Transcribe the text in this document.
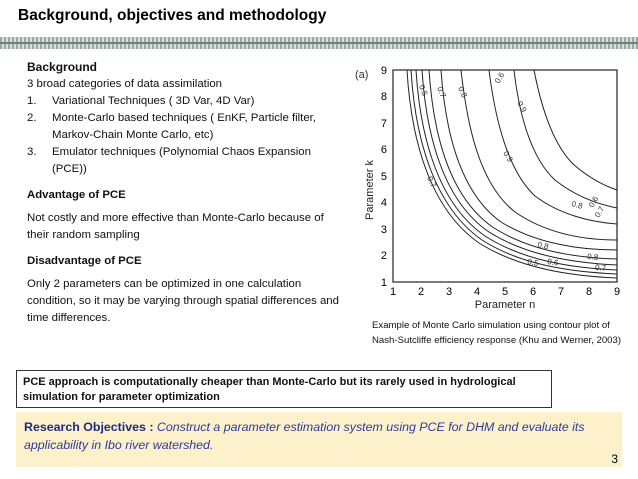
Background, objectives and methodology
Background
3 broad categories of data assimilation
1. Variational Techniques ( 3D Var, 4D Var)
2. Monte-Carlo based techniques ( EnKF, Particle filter, Markov-Chain Monte Carlo, etc)
3. Emulator techniques (Polynomial Chaos Expansion (PCE))
Advantage of PCE
Not costly and more effective than Monte-Carlo because of their random sampling
Disadvantage of PCE
Only 2 parameters can be optimized in one calculation condition, so it may be varying through spatial differences and time differences.
(a)
Parameter k
Parameter n
1 2 3 4 5 6 7 8 9
1
2
3
4
5
6
7
8
9
0.5 0.7 0.8
0.6
0.9
0.9
0.7
0.8 0.6
0.7
0.8
0.8
0.7
0.5 0.6
Example of Monte Carlo simulation using contour plot of Nash-Sutcliffe efficiency response (Khu and Werner, 2003)
PCE approach is computationally cheaper than Monte-Carlo but its rarely used in hydrological simulation for parameter optimization
Research Objectives : Construct a parameter estimation system using PCE for DHM and evaluate its applicability in Ibo river watershed.
3
